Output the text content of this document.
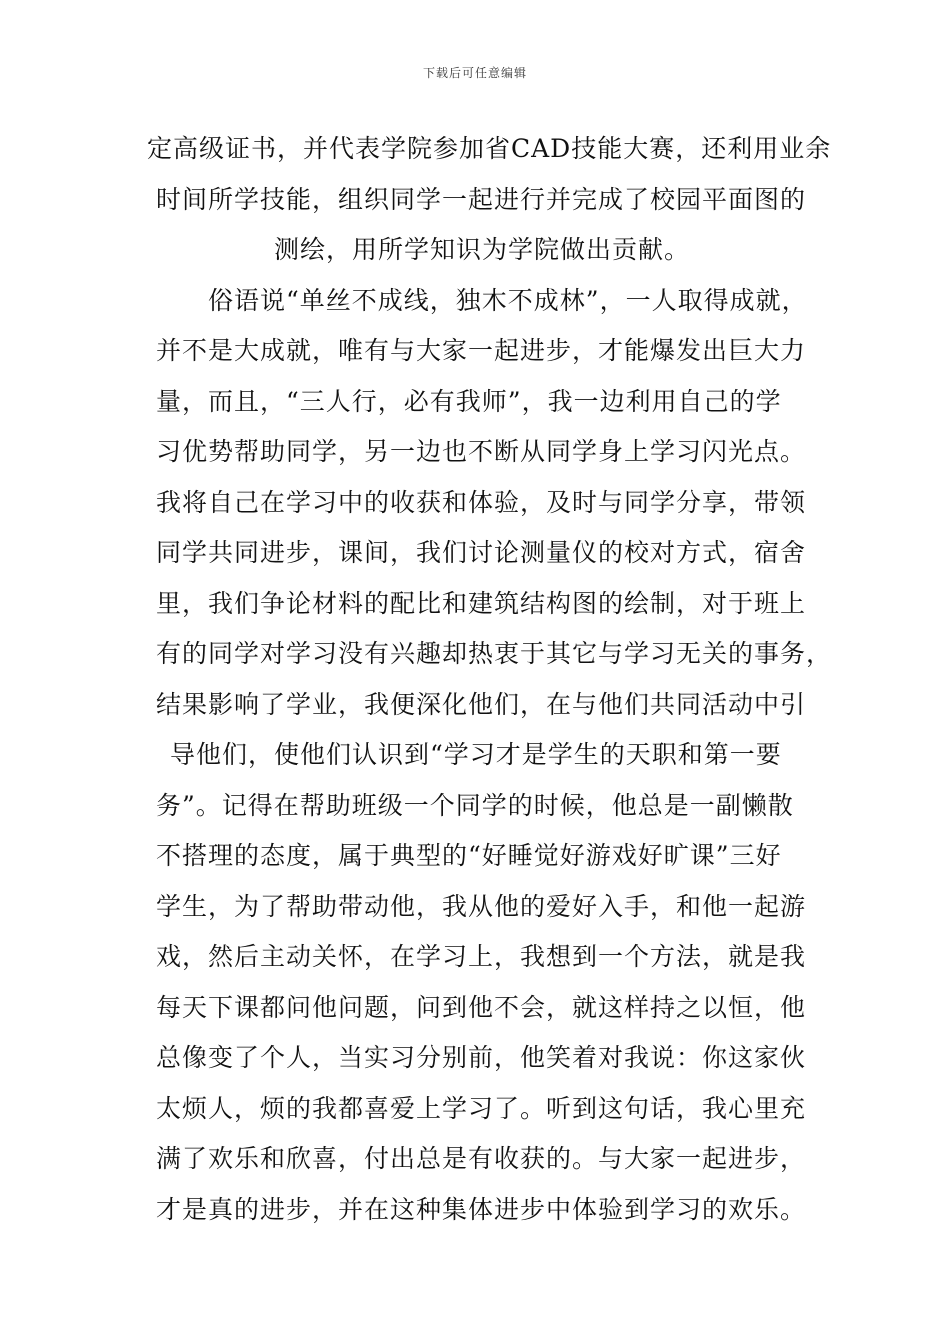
下载后可任意编辑
定高级证书，并代表学院参加省CAD技能大赛，还利用业余
时间所学技能，组织同学一起进行并完成了校园平面图的
测绘，用所学知识为学院做出贡献。
俗语说“单丝不成线，独木不成林”，一人取得成就，
并不是大成就，唯有与大家一起进步，才能爆发出巨大力
量，而且，“三人行，必有我师”，我一边利用自己的学
习优势帮助同学，另一边也不断从同学身上学习闪光点。
我将自己在学习中的收获和体验，及时与同学分享，带领
同学共同进步，课间，我们讨论测量仪的校对方式，宿舍
里，我们争论材料的配比和建筑结构图的绘制，对于班上
有的同学对学习没有兴趣却热衷于其它与学习无关的事务，
结果影响了学业，我便深化他们，在与他们共同活动中引
导他们，使他们认识到“学习才是学生的天职和第一要
务”。记得在帮助班级一个同学的时候，他总是一副懒散
不搭理的态度，属于典型的“好睡觉好游戏好旷课”三好
学生，为了帮助带动他，我从他的爱好入手，和他一起游
戏，然后主动关怀，在学习上，我想到一个方法，就是我
每天下课都问他问题，问到他不会，就这样持之以恒，他
总像变了个人，当实习分别前，他笑着对我说：你这家伙
太烦人，烦的我都喜爱上学习了。听到这句话，我心里充
满了欢乐和欣喜，付出总是有收获的。与大家一起进步，
才是真的进步，并在这种集体进步中体验到学习的欢乐。
